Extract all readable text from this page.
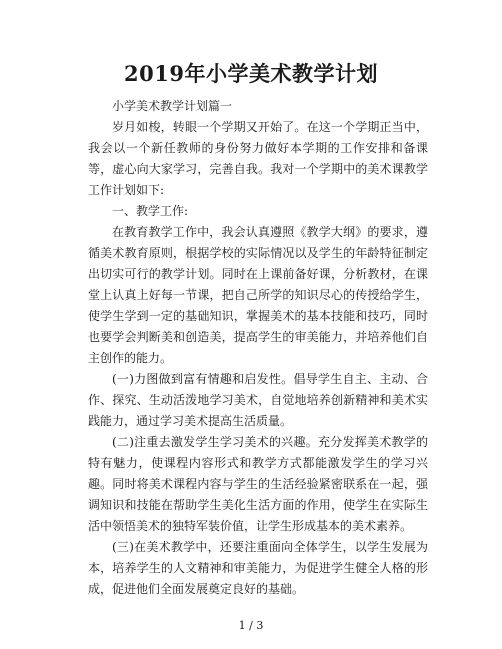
2019年小学美术教学计划

小学美术教学计划篇一

岁月如梭，转眼一个学期又开始了。在这一个学期正当中，我会以一个新任教师的身份努力做好本学期的工作安排和备课等，虚心向大家学习，完善自我。我对一个学期中的美术课教学工作计划如下:

一、教学工作:

在教育教学工作中，我会认真遵照《教学大纲》的要求，遵循美术教育原则，根据学校的实际情况以及学生的年龄特征制定出切实可行的教学计划。同时在上课前备好课，分析教材，在课堂上认真上好每一节课，把自己所学的知识尽心的传授给学生，使学生学到一定的基础知识，掌握美术的基本技能和技巧，同时也要学会判断美和创造美，提高学生的审美能力，并培养他们自主创作的能力。

(一)力图做到富有情趣和启发性。倡导学生自主、主动、合作、探究、生动活泼地学习美术，自觉地培养创新精神和美术实践能力，通过学习美术提高生活质量。

(二)注重去激发学生学习美术的兴趣。充分发挥美术教学的特有魅力，使课程内容形式和教学方式都能激发学生的学习兴趣。同时将美术课程内容与学生的生活经验紧密联系在一起，强调知识和技能在帮助学生美化生活方面的作用，使学生在实际生活中领悟美术的独特军装价值，让学生形成基本的美术素养。

(三)在美术教学中，还要注重面向全体学生，以学生发展为本，培养学生的人文精神和审美能力，为促进学生健全人格的形成，促进他们全面发展奠定良好的基础。

1 / 3
